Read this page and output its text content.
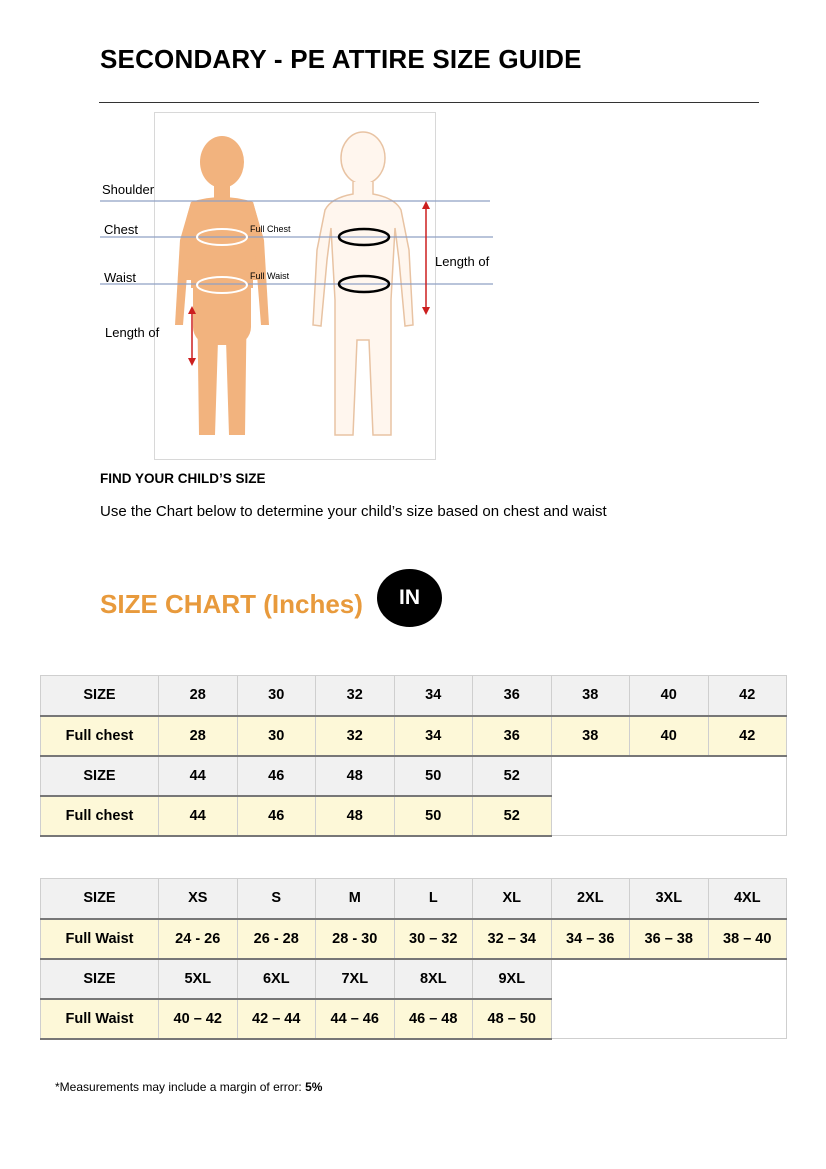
SECONDARY - PE ATTIRE SIZE GUIDE
Shoulder
Chest
Waist
Length of
Full Chest
Full Waist
Length of
FIND YOUR CHILD’S SIZE
Use the Chart below to determine your child’s size based on chest and waist
SIZE CHART (Inches)	IN
SIZE	28	30	32	34	36	38	40	42
Full chest	28	30	32	34	36	38	40	42
SIZE	44	46	48	50	52			
Full chest	44	46	48	50	52			
SIZE	XS	S	M	L	XL	2XL	3XL	4XL
Full Waist	24 - 26	26 - 28	28 - 30	30 – 32	32 – 34	34 – 36	36 – 38	38 – 40
SIZE	5XL	6XL	7XL	8XL	9XL			
Full Waist	40 – 42	42 – 44	44 – 46	46 – 48	48 – 50			
*Measurements may include a margin of error: 5%
